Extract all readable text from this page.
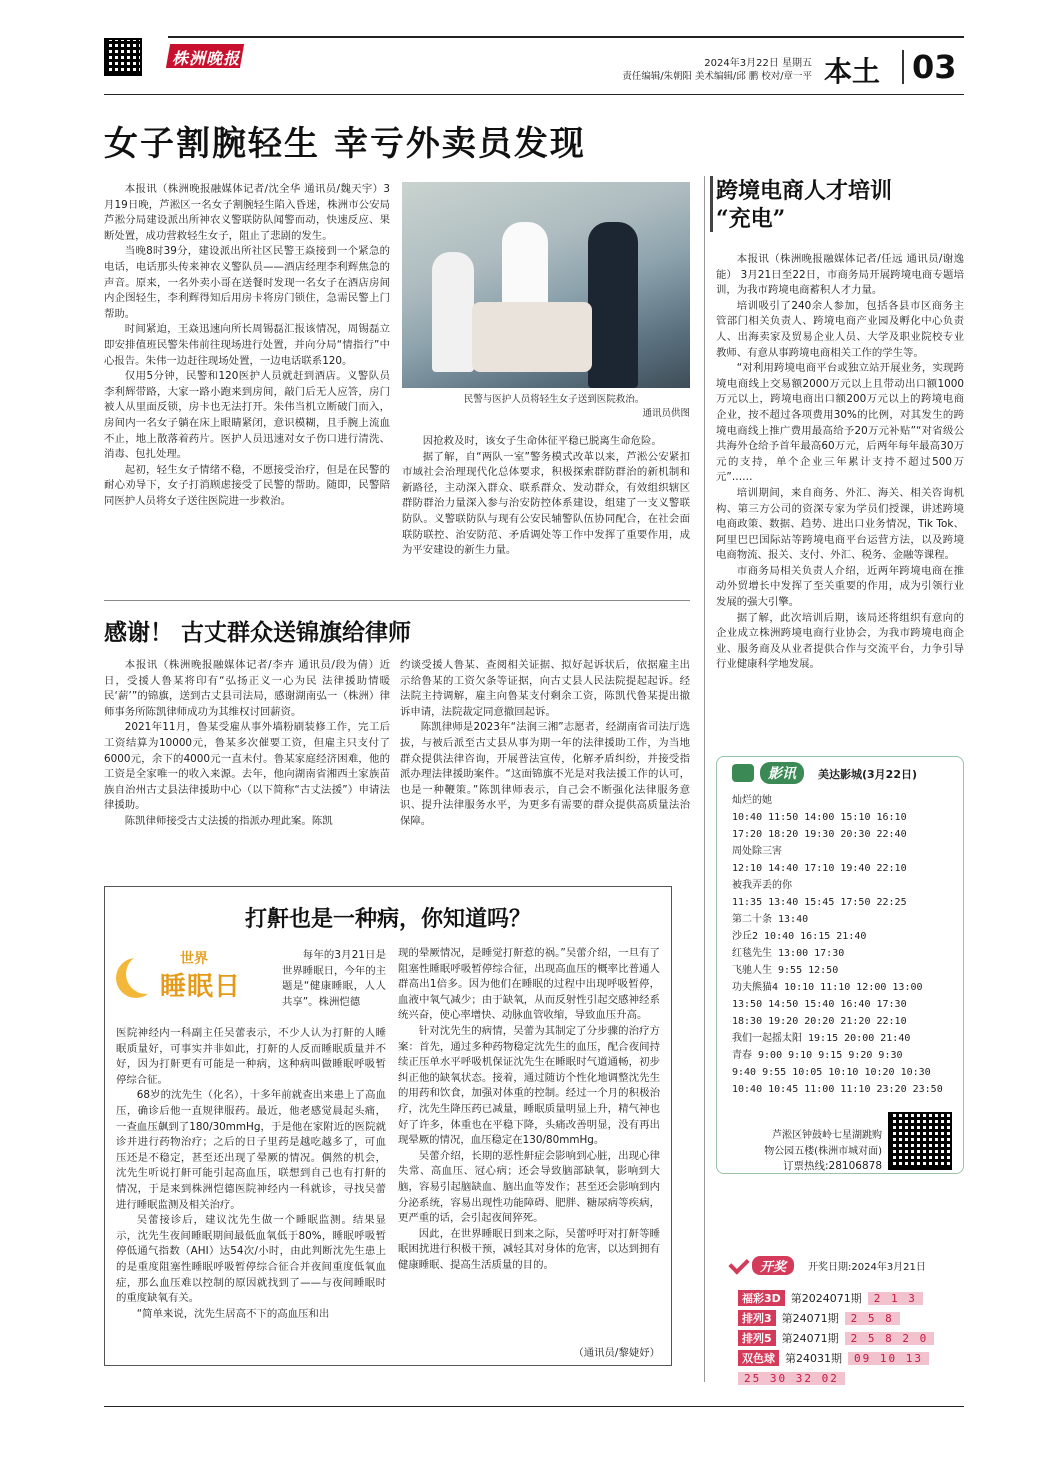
株洲晚报	2024年3月22日 星期五
责任编辑/朱朝阳 美术编辑/邱 鹏 校对/章一平 本土 03
女子割腕轻生 幸亏外卖员发现

本报讯（株洲晚报融媒体记者/沈全华 通讯员/魏天宇）3月19日晚，芦淞区一名女子割腕轻生陷入昏迷，株洲市公安局芦淞分局建设派出所神农义警联防队闻警而动，快速反应、果断处置，成功营救轻生女子，阻止了悲剧的发生。

当晚8时39分，建设派出所社区民警王焱接到一个紧急的电话，电话那头传来神农义警队员——酒店经理李利辉焦急的声音。原来，一名外卖小哥在送餐时发现一名女子在酒店房间内企图轻生，李利辉得知后用房卡将房门锁住，急需民警上门帮助。

时间紧迫，王焱迅速向所长周锡磊汇报该情况，周锡磊立即安排值班民警朱伟前往现场进行处置，并向分局“情指行”中心报告。朱伟一边赶往现场处置，一边电话联系120。

仅用5分钟，民警和120医护人员就赶到酒店。义警队员李利辉带路，大家一路小跑来到房间，敲门后无人应答，房门被人从里面反锁，房卡也无法打开。朱伟当机立断破门而入，房间内一名女子躺在床上眼睛紧闭，意识模糊，且手腕上流血不止，地上散落着药片。医护人员迅速对女子伤口进行清洗、消毒、包扎处理。

起初，轻生女子情绪不稳，不愿接受治疗，但是在民警的耐心劝导下，女子打消顾虑接受了民警的帮助。随即，民警陪同医护人员将女子送往医院进一步救治。

民警与医护人员将轻生女子送到医院救治。
通讯员供图

因抢救及时，该女子生命体征平稳已脱离生命危险。

据了解，自“两队一室”警务模式改革以来，芦淞公安紧扣市域社会治理现代化总体要求，积极探索群防群治的新机制和新路径，主动深入群众、联系群众、发动群众，有效组织辖区群防群治力量深入参与治安防控体系建设，组建了一支义警联防队。义警联防队与现有公安民辅警队伍协同配合，在社会面联防联控、治安防范、矛盾调处等工作中发挥了重要作用，成为平安建设的新生力量。

感谢！ 古丈群众送锦旗给律师

本报讯（株洲晚报融媒体记者/李卉 通讯员/段为倩）近日，受援人鲁某将印有“弘扬正义一心为民 法律援助情暖民‘薪’”的锦旗，送到古丈县司法局，感谢湖南弘一（株洲）律师事务所陈凯律师成功为其维权讨回薪资。

2021年11月，鲁某受雇从事外墙粉刷装修工作，完工后工资结算为10000元，鲁某多次催要工资，但雇主只支付了6000元，余下的4000元一直未付。鲁某家庭经济困难，他的工资是全家唯一的收入来源。去年，他向湖南省湘西土家族苗族自治州古丈县法律援助中心（以下简称“古丈法援”）申请法律援助。

陈凯律师接受古丈法援的指派办理此案。陈凯

约谈受援人鲁某、查阅相关证据、拟好起诉状后，依据雇主出示给鲁某的工资欠条等证据，向古丈县人民法院提起起诉。经法院主持调解，雇主向鲁某支付剩余工资，陈凯代鲁某提出撤诉申请，法院裁定同意撤回起诉。

陈凯律师是2023年“法润三湘”志愿者，经湖南省司法厅选拔，与被后派至古丈县从事为期一年的法律援助工作，为当地群众提供法律咨询，开展普法宣传，化解矛盾纠纷，并接受指派办理法律援助案件。“这面锦旗不光是对我法援工作的认可，也是一种鞭策。”陈凯律师表示，自己会不断强化法律服务意识、提升法律服务水平，为更多有需要的群众提供高质量法治保障。

打鼾也是一种病，你知道吗？
世界
睡眠日
每年的3月21日是世界睡眠日，今年的主题是“健康睡眠，人人共享”。株洲恺德

医院神经内一科副主任吴蕾表示，不少人认为打鼾的人睡眠质量好，可事实并非如此，打鼾的人反而睡眠质量并不好，因为打鼾更有可能是一种病，这种病叫做睡眠呼吸暂停综合征。

68岁的沈先生（化名），十多年前就查出来患上了高血压，确诊后他一直规律服药。最近，他老感觉晨起头痛，一查血压飙到了180/30mmHg，于是他在家附近的医院就诊并进行药物治疗；之后的日子里药是越吃越多了，可血压还是不稳定，甚至还出现了晕厥的情况。偶然的机会，沈先生听说打鼾可能引起高血压，联想到自己也有打鼾的情况，于是来到株洲恺德医院神经内一科就诊，寻找吴蕾进行睡眠监测及相关治疗。

吴蕾接诊后，建议沈先生做一个睡眠监测。结果显示，沈先生夜间睡眠期间最低血氧低于80%，睡眠呼吸暂停低通气指数（AHI）达54次/小时，由此判断沈先生患上的是重度阻塞性睡眠呼吸暂停综合征合并夜间重度低氧血症，那么血压难以控制的原因就找到了——与夜间睡眠时的重度缺氧有关。

“简单来说，沈先生居高不下的高血压和出

现的晕厥情况，是睡觉打鼾惹的祸。”吴蕾介绍，一旦有了阻塞性睡眠呼吸暂停综合征，出现高血压的概率比普通人群高出1倍多。因为他们在睡眠的过程中出现呼吸暂停，血液中氧气减少；由于缺氧，从而反射性引起交感神经系统兴奋，使心率增快、动脉血管收缩，导致血压升高。

针对沈先生的病情，吴蕾为其制定了分步骤的治疗方案：首先，通过多种药物稳定沈先生的血压，配合夜间持续正压单水平呼吸机保证沈先生在睡眠时气道通畅，初步纠正他的缺氧状态。接着，通过随访个性化地调整沈先生的用药和饮食，加强对体重的控制。经过一个月的积极治疗，沈先生降压药已减量，睡眠质量明显上升，精气神也好了许多，体重也在平稳下降，头痛改善明显，没有再出现晕厥的情况，血压稳定在130/80mmHg。

吴蕾介绍，长期的恶性鼾症会影响到心脏，出现心律失常、高血压、冠心病；还会导致脑部缺氧，影响到大脑，容易引起脑缺血、脑出血等发作；甚至还会影响到内分泌系统，容易出现性功能障碍、肥胖、糖尿病等疾病，更严重的话，会引起夜间猝死。

因此，在世界睡眠日到来之际，吴蕾呼吁对打鼾等睡眠困扰进行积极干预，减轻其对身体的危害，以达到拥有健康睡眠、提高生活质量的目的。

（通讯员/黎婕妤）
跨境电商人才培训
“充电”

本报讯（株洲晚报融媒体记者/任远 通讯员/谢逸能） 3月21日至22日，市商务局开展跨境电商专题培训，为我市跨境电商蓄积人才力量。

培训吸引了240余人参加，包括各县市区商务主管部门相关负责人、跨境电商产业园及孵化中心负责人、出海卖家及贸易企业人员、大学及职业院校专业教师、有意从事跨境电商相关工作的学生等。

“对利用跨境电商平台或独立站开展业务，实现跨境电商线上交易额2000万元以上且带动出口额1000万元以上，跨境电商出口额200万元以上的跨境电商企业，按不超过各项费用30%的比例，对其发生的跨境电商线上推广费用最高给予20万元补贴”“对省级公共海外仓给予首年最高60万元，后两年每年最高30万元的支持，单个企业三年累计支持不超过500万元”……

培训期间，来自商务、外汇、海关、相关咨询机构、第三方公司的资深专家为学员们授课，讲述跨境电商政策、数据、趋势、进出口业务情况，Tik Tok、阿里巴巴国际站等跨境电商平台运营方法，以及跨境电商物流、报关、支付、外汇、税务、金融等课程。

市商务局相关负责人介绍，近两年跨境电商在推动外贸增长中发挥了至关重要的作用，成为引领行业发展的强大引擎。

据了解，此次培训后期，该局还将组织有意向的企业成立株洲跨境电商行业协会，为我市跨境电商企业、服务商及从业者提供合作与交流平台，力争引导行业健康科学地发展。

影讯	美达影城(3月22日)
灿烂的她
10:40 11:50 14:00 15:10 16:10
17:20 18:20 19:30 20:30 22:40
周处除三害
12:10 14:40 17:10 19:40 22:10
被我弄丢的你
11:35 13:40 15:45 17:50 22:25
第二十条 13:40
沙丘2 10:40 16:15 21:40
红毯先生 13:00 17:30
飞驰人生 9:55 12:50
功夫熊猫4 10:10 11:10 12:00 13:00
13:50 14:50 15:40 16:40 17:30
18:30 19:20 20:20 21:20 22:10
我们一起摇太阳 19:15 20:00 21:40
青春 9:00 9:10 9:15 9:20 9:30
9:40 9:55 10:05 10:10 10:20 10:30
10:40 10:45 11:00 11:10 23:20 23:50
芦淞区钟鼓岭七星湖跳购
物公园五楼(株洲市城对面)
订票热线:28106878
开奖	开奖日期:2024年3月21日
福彩3D 第2024071期	2 1 3
排列3 第24071期	2 5 8
排列5 第24071期	2 5 8 2 0
双色球 第24031期	09 10 13
25 30 32 02
